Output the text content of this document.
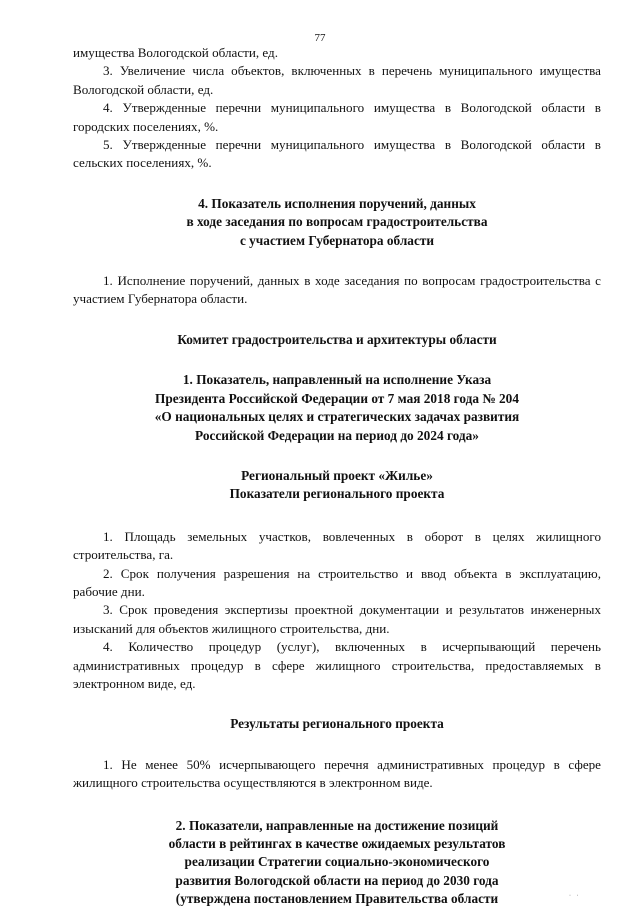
77

имущества Вологодской области, ед.

3. Увеличение числа объектов, включенных в перечень муниципального имущества Вологодской области, ед.

4. Утвержденные перечни муниципального имущества в Вологодской области в городских поселениях, %.

5. Утвержденные перечни муниципального имущества в Вологодской области в сельских поселениях, %.

4. Показатель исполнения поручений, данных
в ходе заседания по вопросам градостроительства
с участием Губернатора области

1. Исполнение поручений, данных в ходе заседания по вопросам градостроительства с участием Губернатора области.

Комитет градостроительства и архитектуры области
1. Показатель, направленный на исполнение Указа
Президента Российской Федерации от 7 мая 2018 года № 204
«О национальных целях и стратегических задачах развития
Российской Федерации на период до 2024 года»
Региональный проект «Жилье»
Показатели регионального проекта

1. Площадь земельных участков, вовлеченных в оборот в целях жилищного строительства, га.

2. Срок получения разрешения на строительство и ввод объекта в эксплуатацию, рабочие дни.

3. Срок проведения экспертизы проектной документации и результатов инженерных изысканий для объектов жилищного строительства, дни.

4. Количество процедур (услуг), включенных в исчерпывающий перечень административных процедур в сфере жилищного строительства, предоставляемых в электронном виде, ед.

Результаты регионального проекта

1. Не менее 50% исчерпывающего перечня административных процедур в сфере жилищного строительства осуществляются в электронном виде.

2. Показатели, направленные на достижение позиций
области в рейтингах в качестве ожидаемых результатов
реализации Стратегии социально-экономического
развития Вологодской области на период до 2030 года
(утверждена постановлением Правительства области	· ·
